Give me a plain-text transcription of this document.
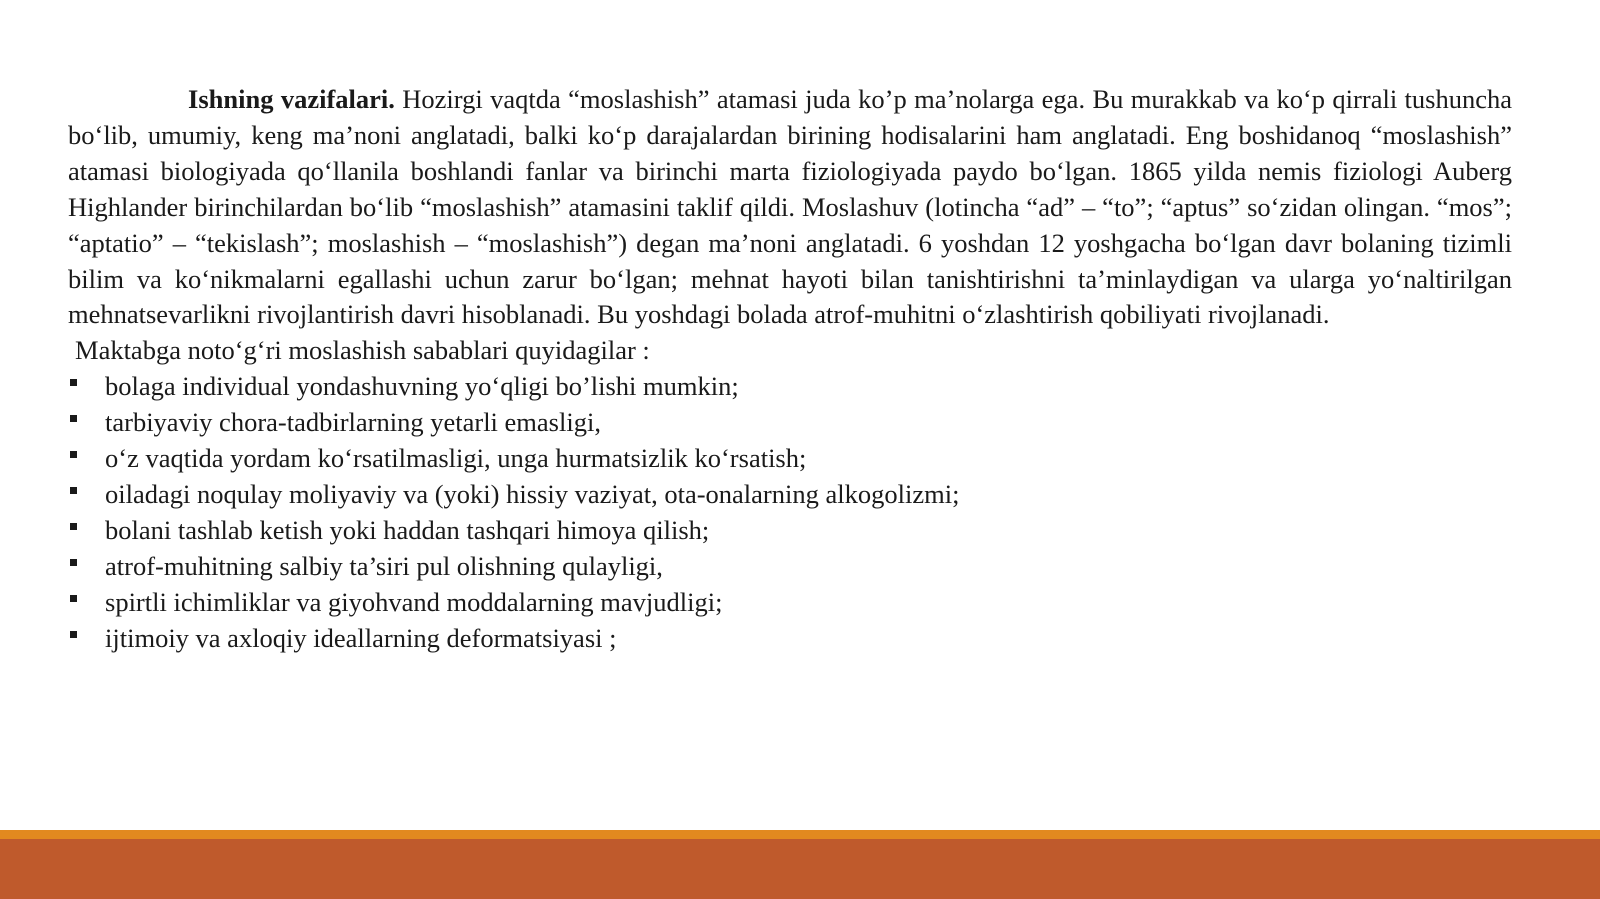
Ishning vazifalari. Hozirgi vaqtda “moslashish” atamasi juda ko’p ma’nolarga ega. Bu murakkab va ko‘p qirrali tushuncha bo‘lib, umumiy, keng ma’noni anglatadi, balki ko‘p darajalardan birining hodisalarini ham anglatadi. Eng boshidanoq “moslashish” atamasi biologiyada qo‘llanila boshlandi fanlar va birinchi marta fiziologiyada paydo bo‘lgan. 1865 yilda nemis fiziologi Auberg Highlander birinchilardan bo‘lib “moslashish” atamasini taklif qildi. Moslashuv (lotincha “ad” – “to”; “aptus” so‘zidan olingan. “mos”; “aptatio” – “tekislash”; moslashish – “moslashish”) degan ma’noni anglatadi. 6 yoshdan 12 yoshgacha bo‘lgan davr bolaning tizimli bilim va ko‘nikmalarni egallashi uchun zarur bo‘lgan; mehnat hayoti bilan tanishtirishni ta’minlaydigan va ularga yo‘naltirilgan mehnatsevarlikni rivojlantirish davri hisoblanadi. Bu yoshdagi bolada atrof-muhitni o‘zlashtirish qobiliyati rivojlanadi.

Maktabga noto‘g‘ri moslashish sabablari quyidagilar :

bolaga individual yondashuvning yo‘qligi bo’lishi mumkin;
tarbiyaviy chora-tadbirlarning yetarli emasligi,
o‘z vaqtida yordam ko‘rsatilmasligi, unga hurmatsizlik ko‘rsatish;
oiladagi noqulay moliyaviy va (yoki) hissiy vaziyat, ota-onalarning alkogolizmi;
bolani tashlab ketish yoki haddan tashqari himoya qilish;
atrof-muhitning salbiy ta’siri pul olishning qulayligi,
spirtli ichimliklar va giyohvand moddalarning mavjudligi;
ijtimoiy va axloqiy ideallarning deformatsiyasi ;
